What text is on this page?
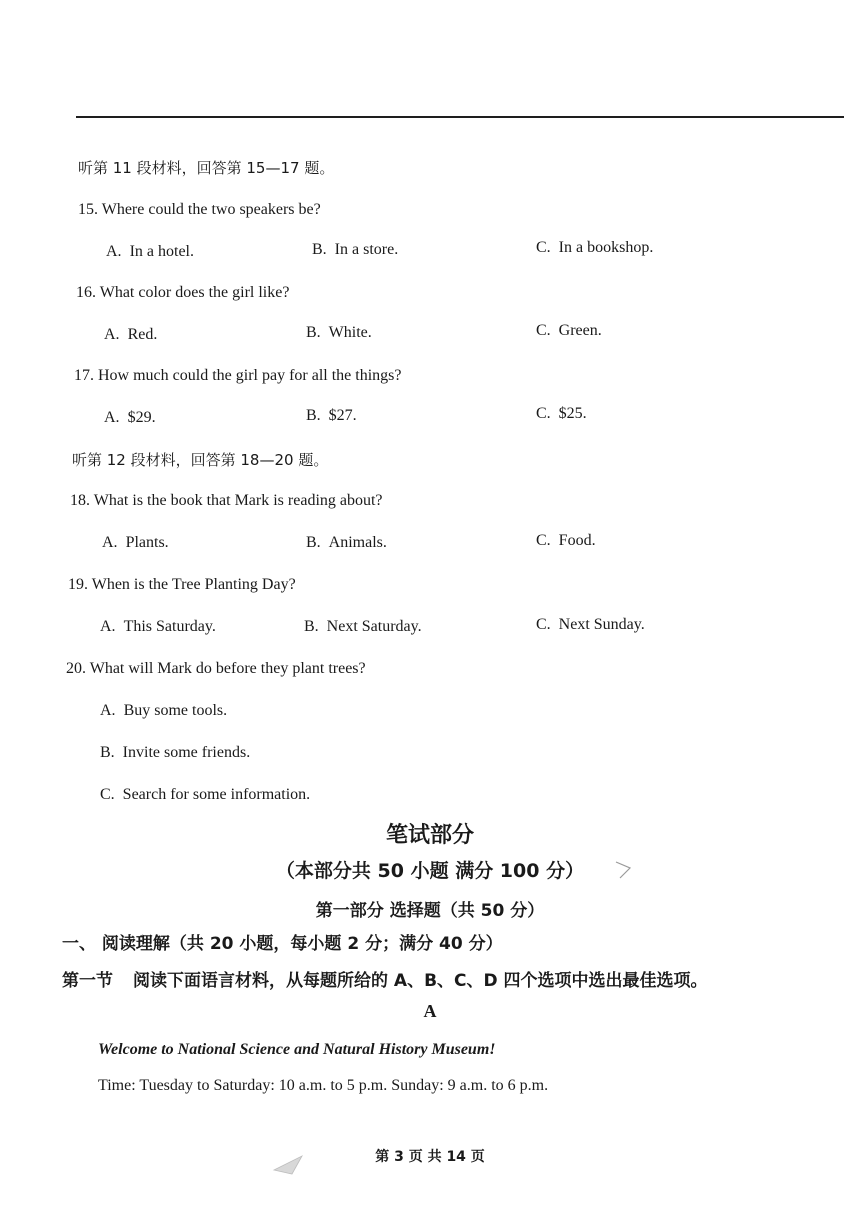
听第 11 段材料，回答第 15—17 题。
15. Where could the two speakers be?
A. In a hotel.	B. In a store.	C. In a bookshop.
16. What color does the girl like?
A. Red.	B. White.	C. Green.
17. How much could the girl pay for all the things?
A. $29.	B. $27.	C. $25.
听第 12 段材料，回答第 18—20 题。
18. What is the book that Mark is reading about?
A. Plants.	B. Animals.	C. Food.
19. When is the Tree Planting Day?
A. This Saturday.	B. Next Saturday.	C. Next Sunday.
20. What will Mark do before they plant trees?
A. Buy some tools.
B. Invite some friends.
C. Search for some information.
笔试部分
（本部分共 50 小题 满分 100 分）
第一部分 选择题（共 50 分）
一、 阅读理解（共 20 小题，每小题 2 分；满分 40 分）
第一节 阅读下面语言材料，从每题所给的 A、B、C、D 四个选项中选出最佳选项。
A
Welcome to National Science and Natural History Museum!
Time: Tuesday to Saturday: 10 a.m. to 5 p.m. Sunday: 9 a.m. to 6 p.m.
第 3 页 共 14 页
